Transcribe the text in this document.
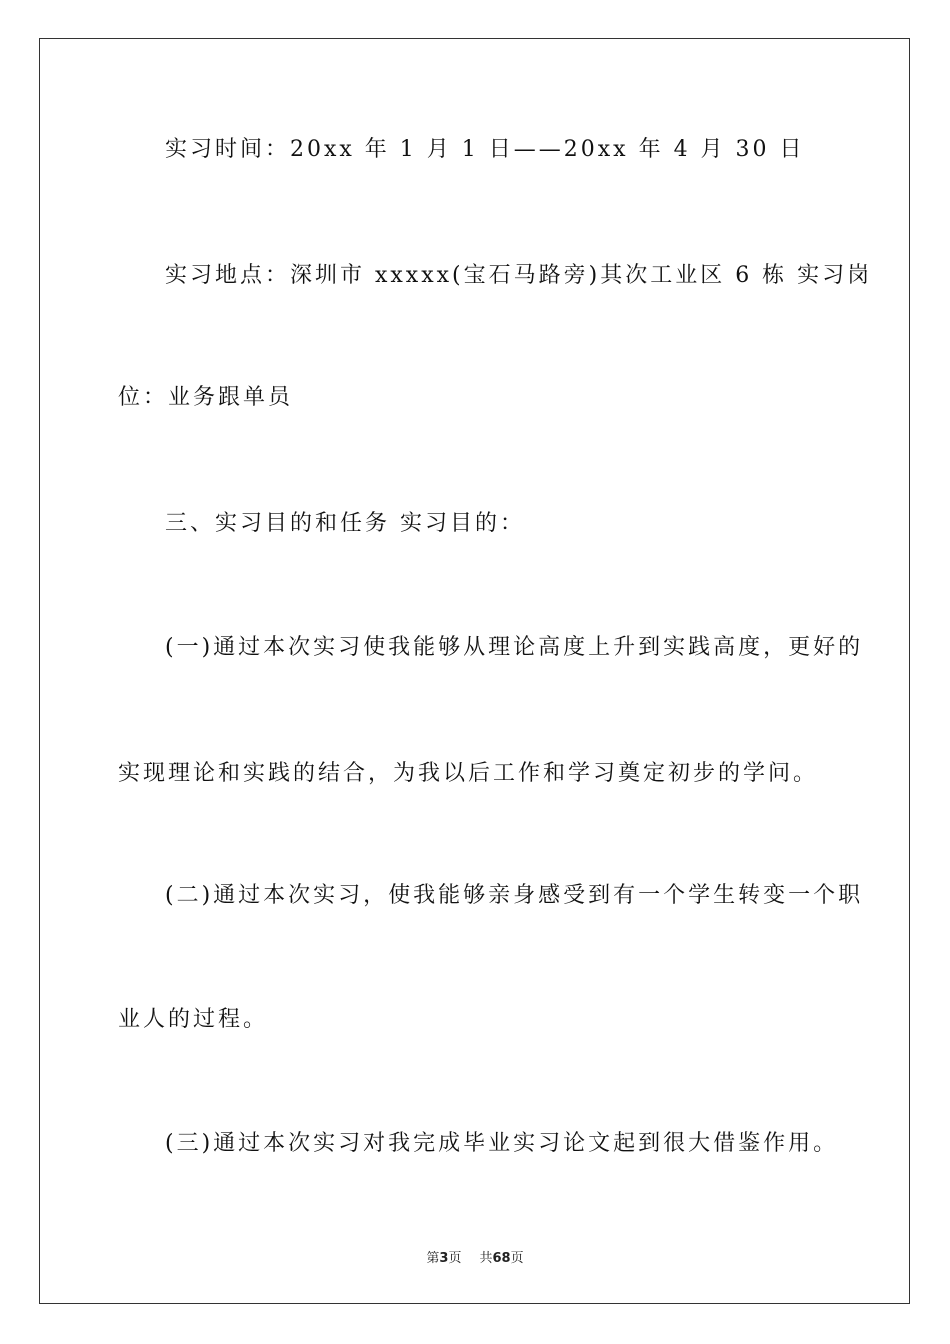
实习时间：20xx 年 1 月 1 日——20xx 年 4 月 30 日
实习地点：深圳市 xxxxx(宝石马路旁)其次工业区 6 栋 实习岗
位：业务跟单员
三、实习目的和任务 实习目的：
(一)通过本次实习使我能够从理论高度上升到实践高度，更好的
实现理论和实践的结合，为我以后工作和学习奠定初步的学问。
(二)通过本次实习，使我能够亲身感受到有一个学生转变一个职
业人的过程。
(三)通过本次实习对我完成毕业实习论文起到很大借鉴作用。
第3页 共68页
